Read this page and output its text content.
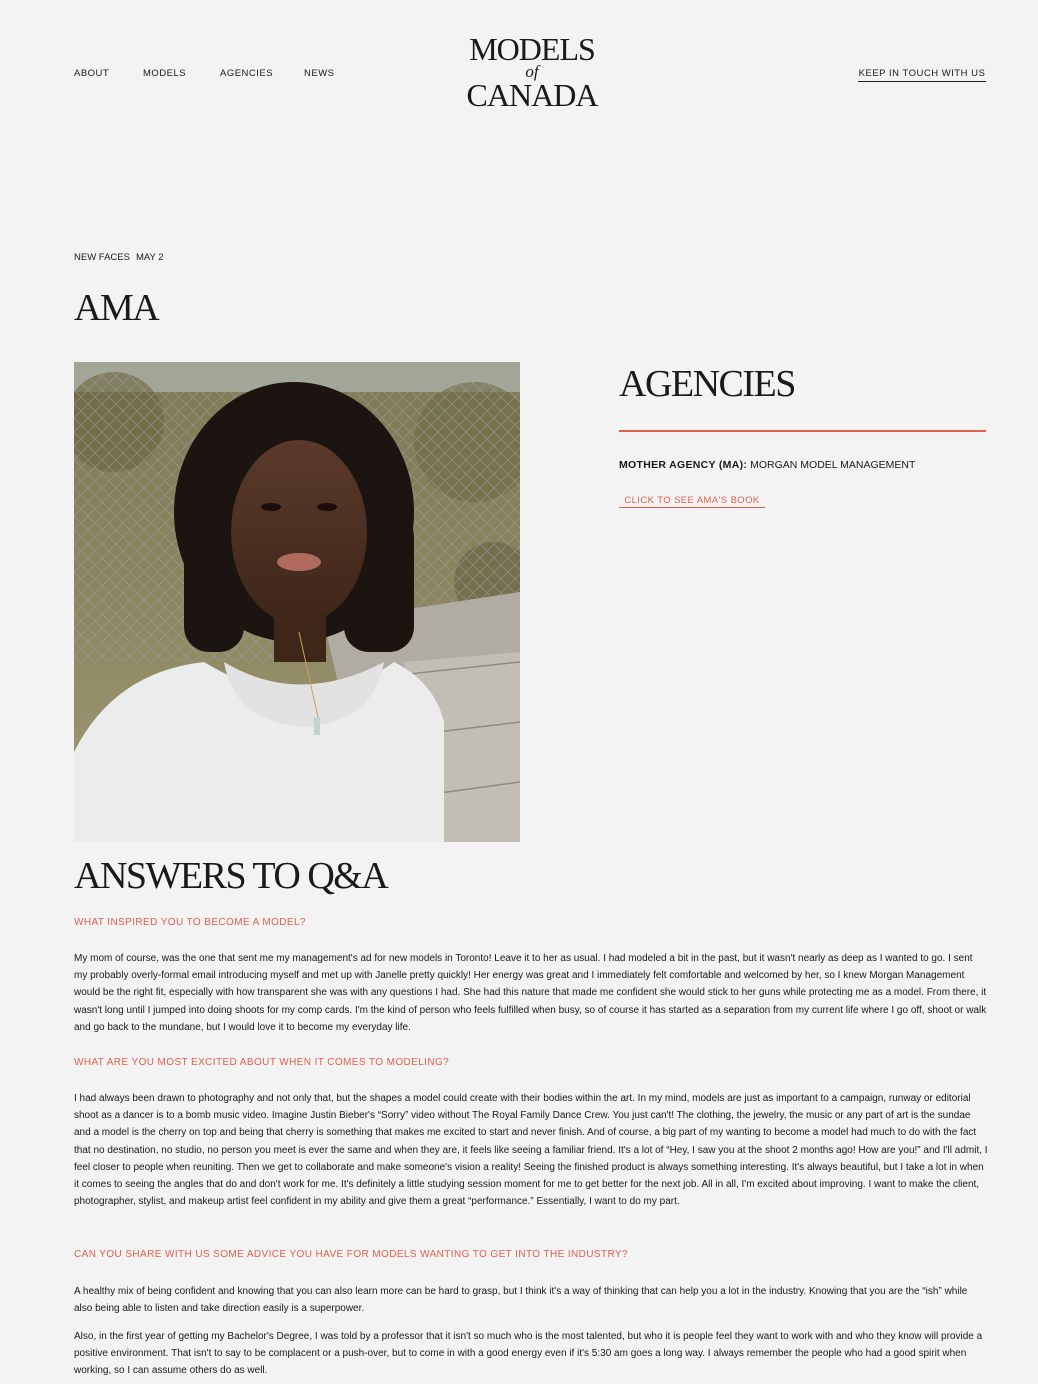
ABOUT	MODELS	AGENCIES	NEWS
MODELS
of
CANADA
KEEP IN TOUCH WITH US
NEW FACES MAY 2
AMA
AGENCIES
MOTHER AGENCY (MA): MORGAN MODEL MANAGEMENT
CLICK TO SEE AMA'S BOOK
ANSWERS TO Q&A
WHAT INSPIRED YOU TO BECOME A MODEL?

My mom of course, was the one that sent me my management's ad for new models in Toronto! Leave it to her as usual. I had modeled a bit in the past, but it wasn't nearly as deep as I wanted to go. I sent my probably overly-formal email introducing myself and met up with Janelle pretty quickly! Her energy was great and I immediately felt comfortable and welcomed by her, so I knew Morgan Management would be the right fit, especially with how transparent she was with any questions I had. She had this nature that made me confident she would stick to her guns while protecting me as a model. From there, it wasn't long until I jumped into doing shoots for my comp cards. I'm the kind of person who feels fulfilled when busy, so of course it has started as a separation from my current life where I go off, shoot or walk and go back to the mundane, but I would love it to become my everyday life.

WHAT ARE YOU MOST EXCITED ABOUT WHEN IT COMES TO MODELING?

I had always been drawn to photography and not only that, but the shapes a model could create with their bodies within the art. In my mind, models are just as important to a campaign, runway or editorial shoot as a dancer is to a bomb music video. Imagine Justin Bieber's “Sorry” video without The Royal Family Dance Crew. You just can't! The clothing, the jewelry, the music or any part of art is the sundae and a model is the cherry on top and being that cherry is something that makes me excited to start and never finish. And of course, a big part of my wanting to become a model had much to do with the fact that no destination, no studio, no person you meet is ever the same and when they are, it feels like seeing a familiar friend. It's a lot of “Hey, I saw you at the shoot 2 months ago! How are you!” and I'll admit, I feel closer to people when reuniting. Then we get to collaborate and make someone's vision a reality! Seeing the finished product is always something interesting. It's always beautiful, but I take a lot in when it comes to seeing the angles that do and don't work for me. It's definitely a little studying session moment for me to get better for the next job. All in all, I'm excited about improving. I want to make the client, photographer, stylist, and makeup artist feel confident in my ability and give them a great “performance.” Essentially, I want to do my part.

CAN YOU SHARE WITH US SOME ADVICE YOU HAVE FOR MODELS WANTING TO GET INTO THE INDUSTRY?

A healthy mix of being confident and knowing that you can also learn more can be hard to grasp, but I think it's a way of thinking that can help you a lot in the industry. Knowing that you are the “ish” while also being able to listen and take direction easily is a superpower.

Also, in the first year of getting my Bachelor's Degree, I was told by a professor that it isn't so much who is the most talented, but who it is people feel they want to work with and who they know will provide a positive environment. That isn't to say to be complacent or a push-over, but to come in with a good energy even if it's 5:30 am goes a long way. I always remember the people who had a good spirit when working, so I can assume others do as well.
